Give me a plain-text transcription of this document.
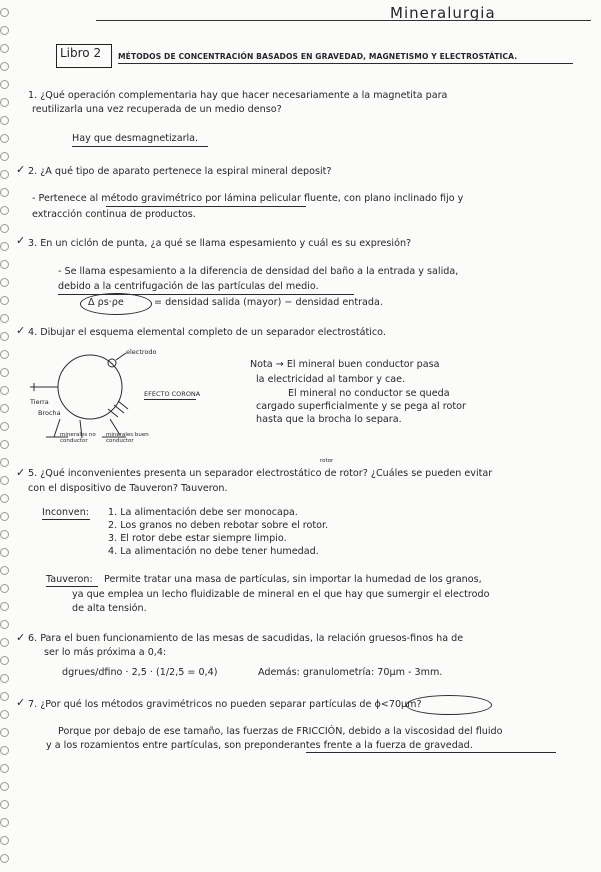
Mineralurgia
Libro 2 MÉTODOS DE CONCENTRACIÓN BASADOS EN GRAVEDAD, MAGNETISMO Y ELECTROSTÁTICA.
1. ¿Qué operación complementaria hay que hacer necesariamente a la magnetita para
reutilizarla una vez recuperada de un medio denso?
Hay que desmagnetizarla.
✓ 2. ¿A qué tipo de aparato pertenece la espiral mineral deposit?
- Pertenece al método gravimétrico por lámina pelicular fluente, con plano inclinado fijo y
extracción continua de productos.
✓ 3. En un ciclón de punta, ¿a qué se llama espesamiento y cuál es su expresión?
- Se llama espesamiento a la diferencia de densidad del baño a la entrada y salida,
debido a la centrifugación de las partículas del medio.
Δ ρs·ρe	= densidad salida (mayor) − densidad entrada.
✓ 4. Dibujar el esquema elemental completo de un separador electrostático.
electrodo
Tierra
Brocha
EFECTO CORONA
minerales no conductor
minerales buen conductor
Nota → El mineral buen conductor pasa
la electricidad al tambor y cae.
El mineral no conductor se queda
cargado superficialmente y se pega al rotor
hasta que la brocha lo separa.
rotor
✓ 5. ¿Qué inconvenientes presenta un separador electrostático de rotor? ¿Cuáles se pueden evitar
con el dispositivo de Tauveron? Tauveron.
Inconven: 1. La alimentación debe ser monocapa.
2. Los granos no deben rebotar sobre el rotor.
3. El rotor debe estar siempre limpio.
4. La alimentación no debe tener humedad.
Tauveron: Permite tratar una masa de partículas, sin importar la humedad de los granos,
ya que emplea un lecho fluidizable de mineral en el que hay que sumergir el electrodo
de alta tensión.
✓ 6. Para el buen funcionamiento de las mesas de sacudidas, la relación gruesos-finos ha de
ser lo más próxima a 0,4:
dgrues/dfino · 2,5 · (1/2,5 = 0,4)	Además: granulometría: 70μm - 3mm.
✓ 7. ¿Por qué los métodos gravimétricos no pueden separar partículas de ϕ<70μm?
Porque por debajo de ese tamaño, las fuerzas de FRICCIÓN, debido a la viscosidad del fluido
y a los rozamientos entre partículas, son preponderantes frente a la fuerza de gravedad.
